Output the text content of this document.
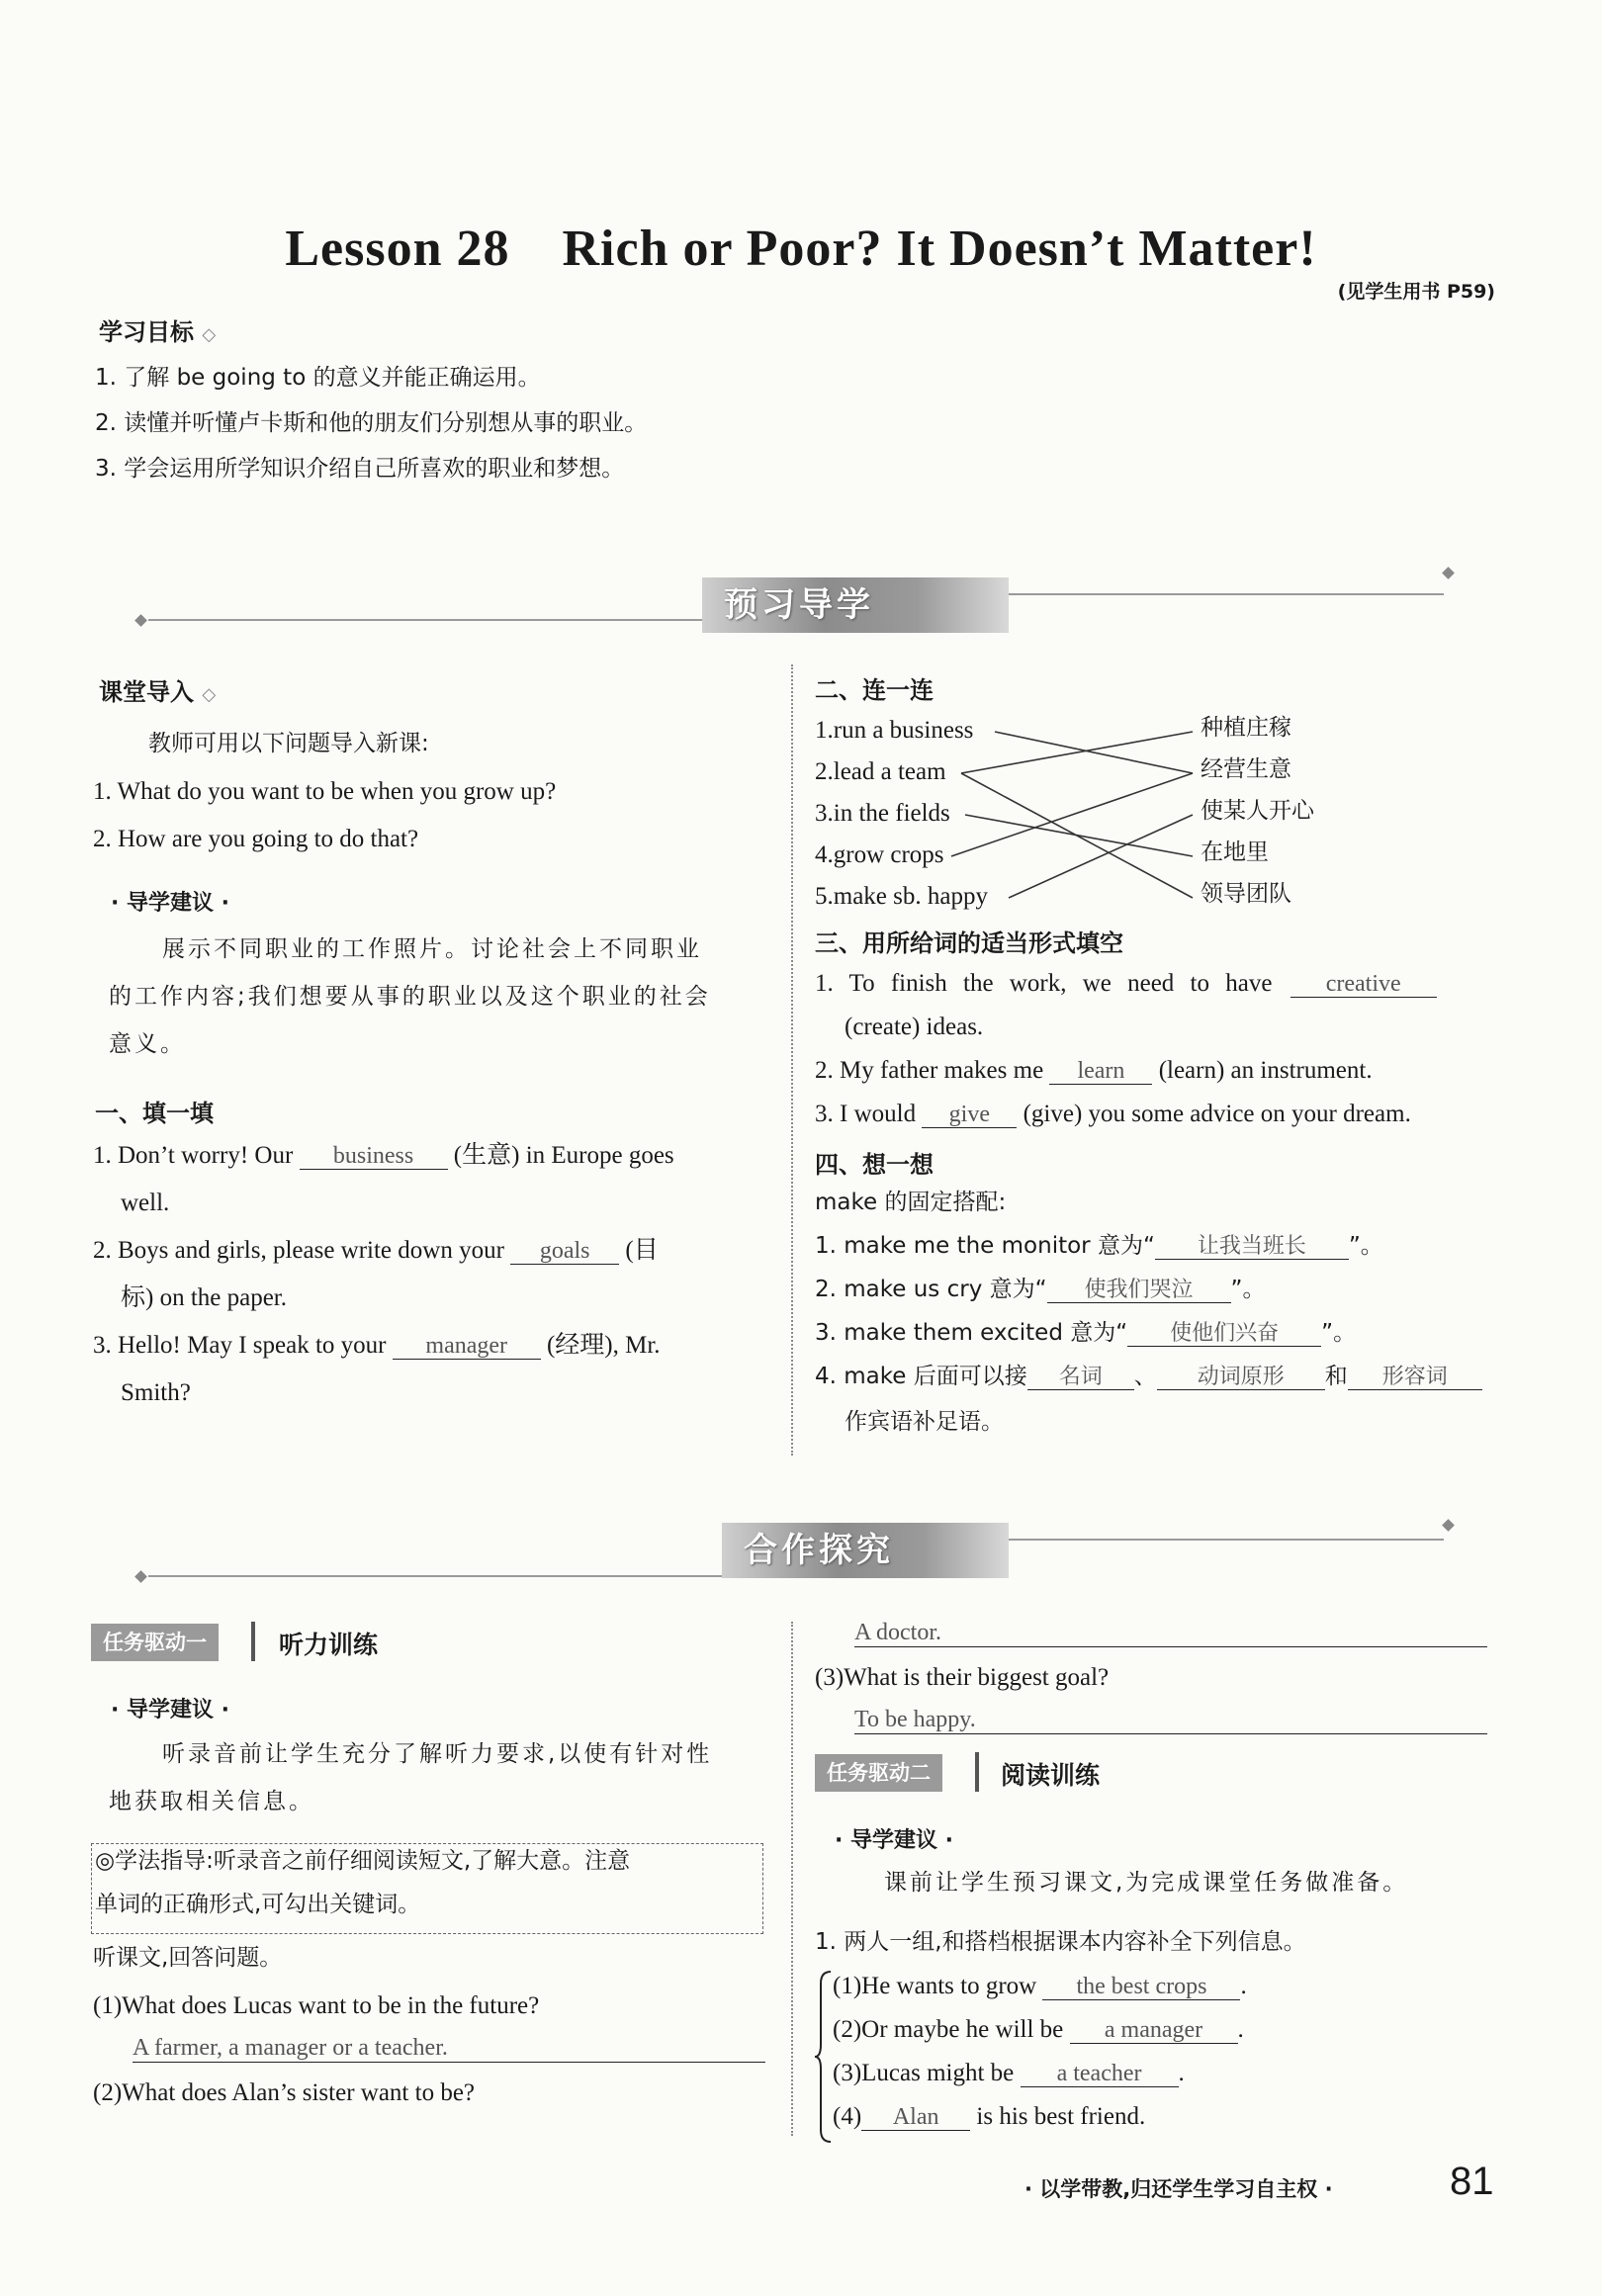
Lesson 28　Rich or Poor? It Doesn’t Matter!
(见学生用书 P59)
学习目标 ◇
1. 了解 be going to 的意义并能正确运用。
2. 读懂并听懂卢卡斯和他的朋友们分别想从事的职业。
3. 学会运用所学知识介绍自己所喜欢的职业和梦想。
预习导学
课堂导入 ◇
教师可用以下问题导入新课:
1. What do you want to be when you grow up?
2. How are you going to do that?
· 导学建议 ·
展示不同职业的工作照片。讨论社会上不同职业
的工作内容;我们想要从事的职业以及这个职业的社会
意义。
一、填一填
1. Don’t worry! Our business (生意) in Europe goes
well.
2. Boys and girls, please write down your goals (目
标) on the paper.
3. Hello! May I speak to your manager (经理), Mr.
Smith?
二、连一连
1.run a business
2.lead a team
3.in the fields
4.grow crops
5.make sb. happy
种植庄稼
经营生意
使某人开心
在地里
领导团队
三、用所给词的适当形式填空
1. To finish the work, we need to have creative
(create) ideas.
2. My father makes me learn (learn) an instrument.
3. I would give (give) you some advice on your dream.
四、想一想
make 的固定搭配:
1. make me the monitor 意为“ 让我当班长 ”。
2. make us cry 意为“ 使我们哭泣 ”。
3. make them excited 意为“ 使他们兴奋 ”。
4. make 后面可以接 名词 、 动词原形 和 形容词
作宾语补足语。
合作探究
任务驱动一	听力训练
· 导学建议 ·
听录音前让学生充分了解听力要求,以使有针对性
地获取相关信息。
◎学法指导:听录音之前仔细阅读短文,了解大意。注意
单词的正确形式,可勾出关键词。
听课文,回答问题。
(1)What does Lucas want to be in the future?
A farmer, a manager or a teacher.
(2)What does Alan’s sister want to be?
A doctor.
(3)What is their biggest goal?
To be happy.
任务驱动二	阅读训练
· 导学建议 ·
课前让学生预习课文,为完成课堂任务做准备。
1. 两人一组,和搭档根据课本内容补全下列信息。
(1)He wants to grow the best crops .
(2)Or maybe he will be a manager .
(3)Lucas might be a teacher .
(4) Alan is his best friend.
· 以学带教,归还学生学习自主权 ·	81
